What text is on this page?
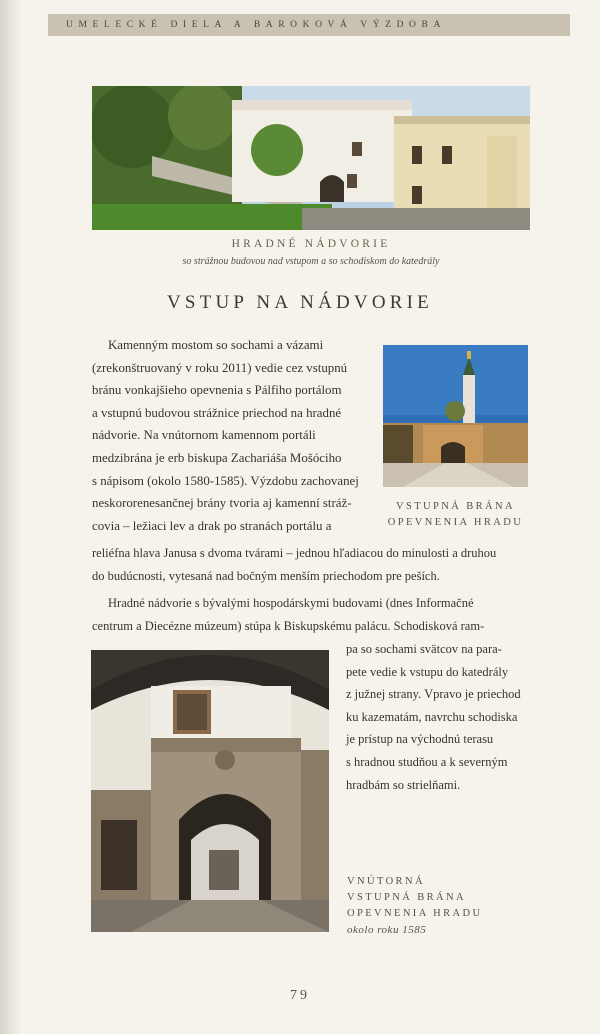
UMELECKÉ DIELA A BAROKOVÁ VÝZDOBA
HRADNÉ NÁDVORIE
so strážnou budovou nad vstupom a so schodiskom do katedrály
VSTUP NA NÁDVORIE
Kamenným mostom so sochami a vázami
(zrekonštruovaný v roku 2011) vedie cez vstupnú
bránu vonkajšieho opevnenia s Pálfiho portálom
a vstupnú budovou strážnice priechod na hradné
nádvorie. Na vnútornom kamennom portáli
medzibrána je erb biskupa Zachariáša Mošóciho
s nápisom (okolo 1580-1585). Výzdobu zachovanej
neskororenesančnej brány tvoria aj kamenní stráž-
covia – ležiaci lev a drak po stranách portálu a
reliéfna hlava Janusa s dvoma tvárami – jednou hľadiacou do minulosti a druhou
do budúcnosti, vytesaná nad bočným menším priechodom pre peších.
VSTUPNÁ BRÁNA
OPEVNENIA HRADU
Hradné nádvorie s bývalými hospodárskymi budovami (dnes Informačné
centrum a Diecézne múzeum) stúpa k Biskupskému palácu. Schodisková ram-
pa so sochami svätcov na para-
pete vedie k vstupu do katedrály
z južnej strany. Vpravo je priechod
ku kazematám, navrchu schodiska
je prístup na východnú terasu
s hradnou studňou a k severným
hradbám so strielňami.
VNÚTORNÁ
VSTUPNÁ BRÁNA
OPEVNENIA HRADU
okolo roku 1585
79
